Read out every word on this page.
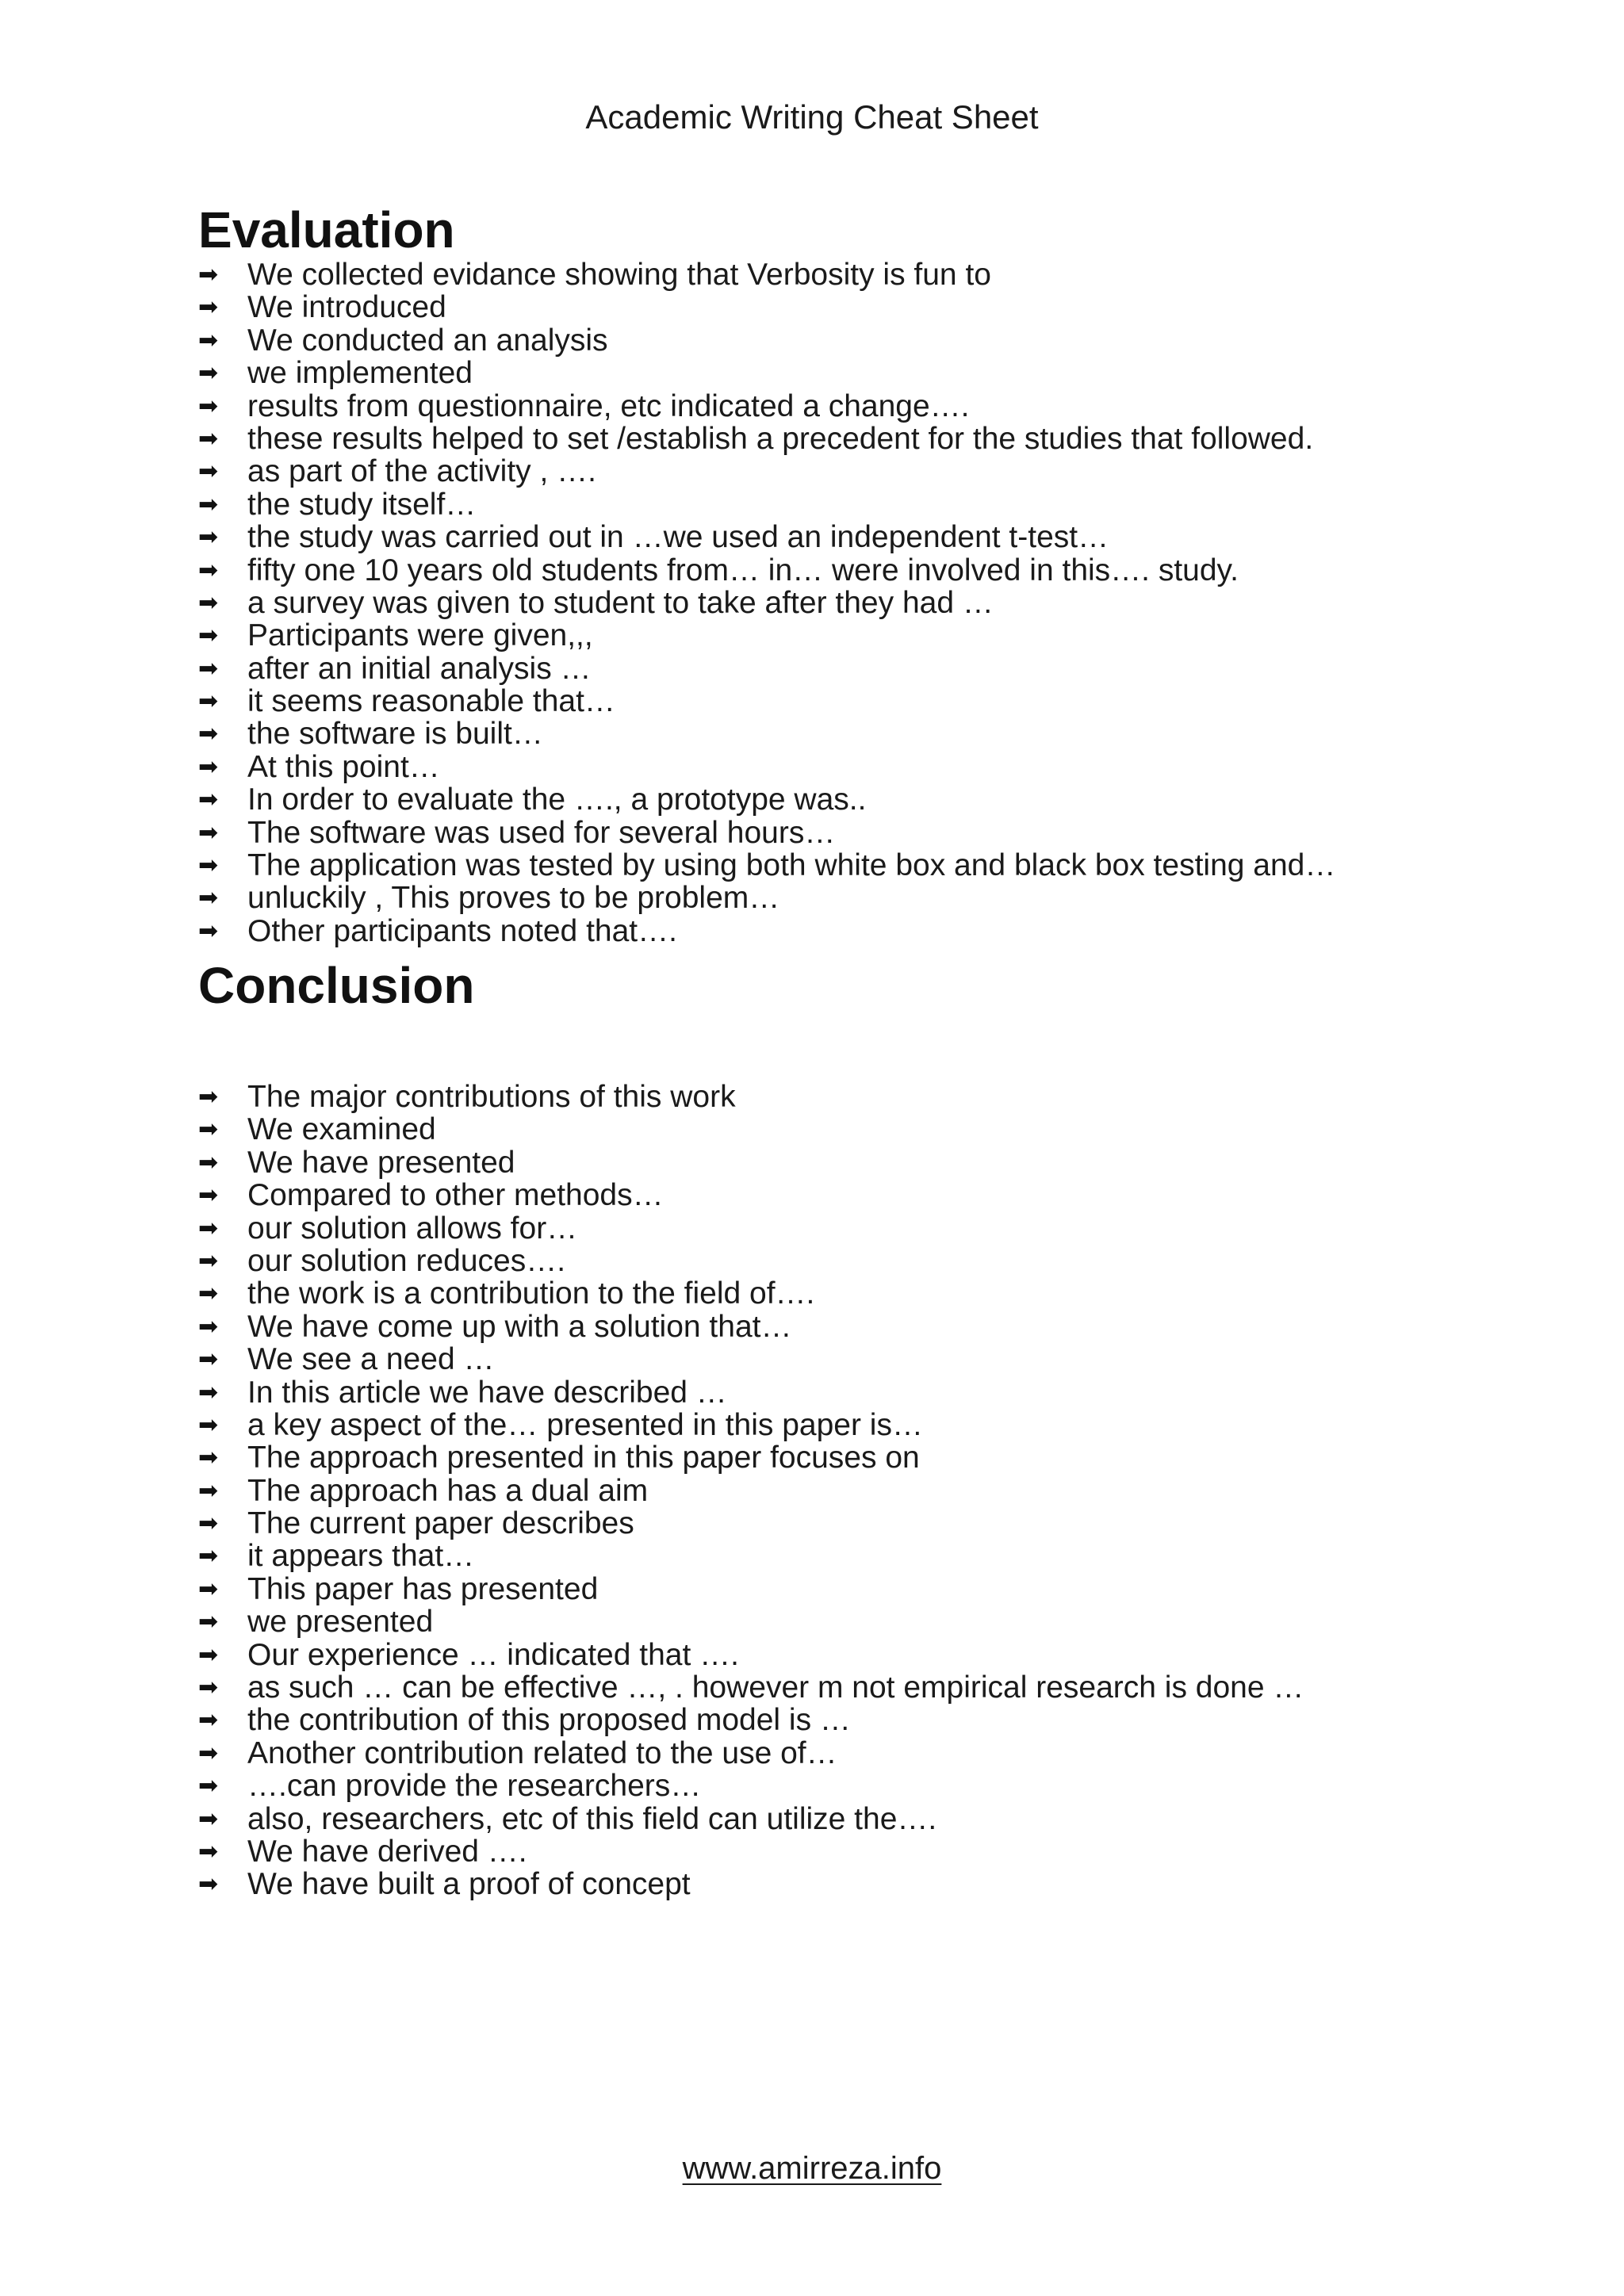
Academic Writing Cheat Sheet
Evaluation
➡ We collected evidance showing that Verbosity is fun to
➡ We introduced
➡ We conducted an analysis
➡ we implemented
➡ results from questionnaire, etc indicated a change….
➡ these results helped to set /establish a precedent for the studies that followed.
➡ as part of the activity , ….
➡ the study itself…
➡ the study was carried out in …we used an independent t-test…
➡ fifty one 10 years old students from… in… were involved in this…. study.
➡ a survey was given to student to take after they had …
➡ Participants were given,,,
➡ after an initial analysis …
➡ it seems reasonable that…
➡ the software is built…
➡ At this point…
➡ In order to evaluate the …., a prototype was..
➡ The software was used for several hours…
➡ The application was tested by using both white box and black box testing and…
➡ unluckily , This proves to be problem…
➡ Other participants noted that….
Conclusion
➡ The major contributions of this work
➡ We examined
➡ We have presented
➡ Compared to other methods…
➡ our solution allows for…
➡ our solution reduces….
➡ the work is a contribution to the field of….
➡ We have come up with a solution that…
➡ We see a need …
➡ In this article we have described …
➡ a key aspect of the… presented in this paper is…
➡ The approach presented in this paper focuses on
➡ The approach has a dual aim
➡ The current paper describes
➡ it appears that…
➡ This paper has presented
➡ we presented
➡ Our experience … indicated that ….
➡ as such … can be effective …, . however m not empirical research is done …
➡ the contribution of this proposed model is …
➡ Another contribution related to the use of…
➡ ….can provide the researchers…
➡ also, researchers, etc of this field can utilize the….
➡ We have derived ….
➡ We have built a proof of concept
www.amirreza.info
